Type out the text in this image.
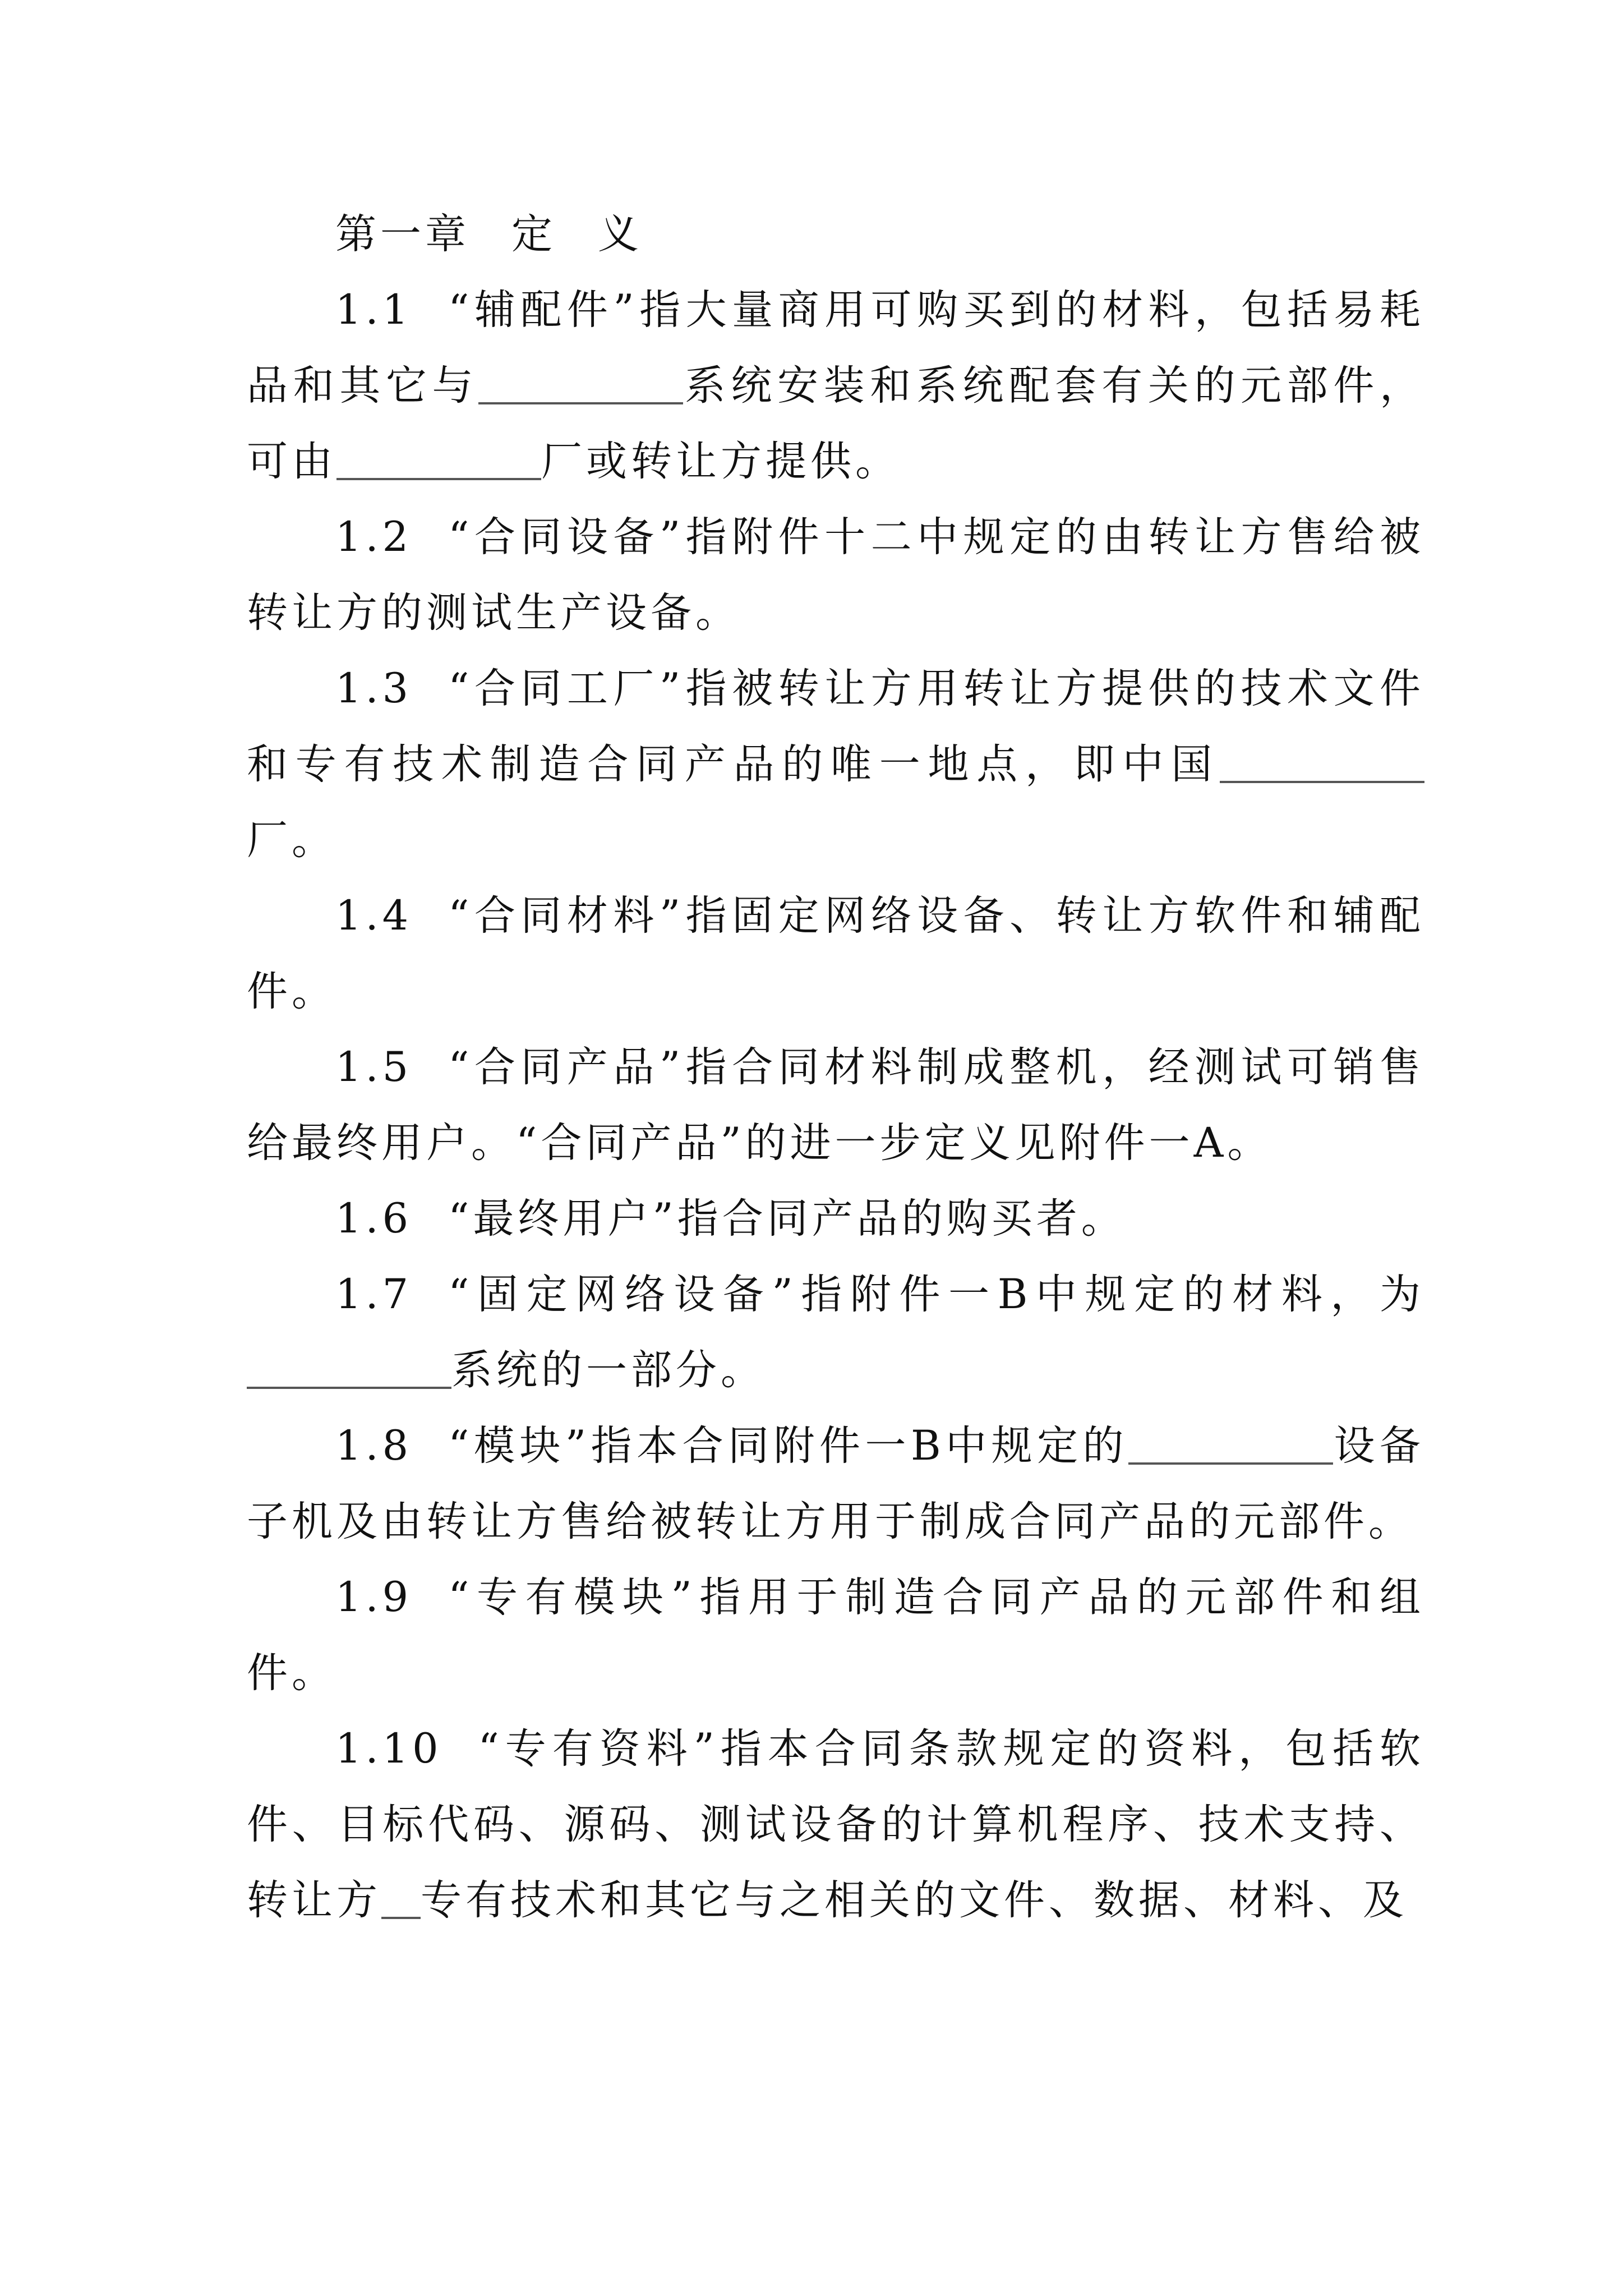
第一章 定 义

1.1 “辅配件”指大量商用可购买到的材料，包括易耗品和其它与	系统安装和系统配套有关的元部件，可由	厂或转让方提供。

1.2 “合同设备”指附件十二中规定的由转让方售给被转让方的测试生产设备。

1.3 “合同工厂”指被转让方用转让方提供的技术文件和专有技术制造合同产品的唯一地点，即中国厂。

1.4 “合同材料”指固定网络设备、转让方软件和辅配件。

1.5 “合同产品”指合同材料制成整机，经测试可销售给最终用户。“合同产品”的进一步定义见附件一A。

1.6 “最终用户”指合同产品的购买者。

1.7 “固定网络设备”指附件一B中规定的材料，为系统的一部分。

1.8 “模块”指本合同附件一B中规定的	设备子机及由转让方售给被转让方用于制成合同产品的元部件。

1.9 “专有模块”指用于制造合同产品的元部件和组件。

1.10 “专有资料”指本合同条款规定的资料，包括软件、目标代码、源码、测试设备的计算机程序、技术支持、转让方 专有技术和其它与之相关的文件、数据、材料、及
